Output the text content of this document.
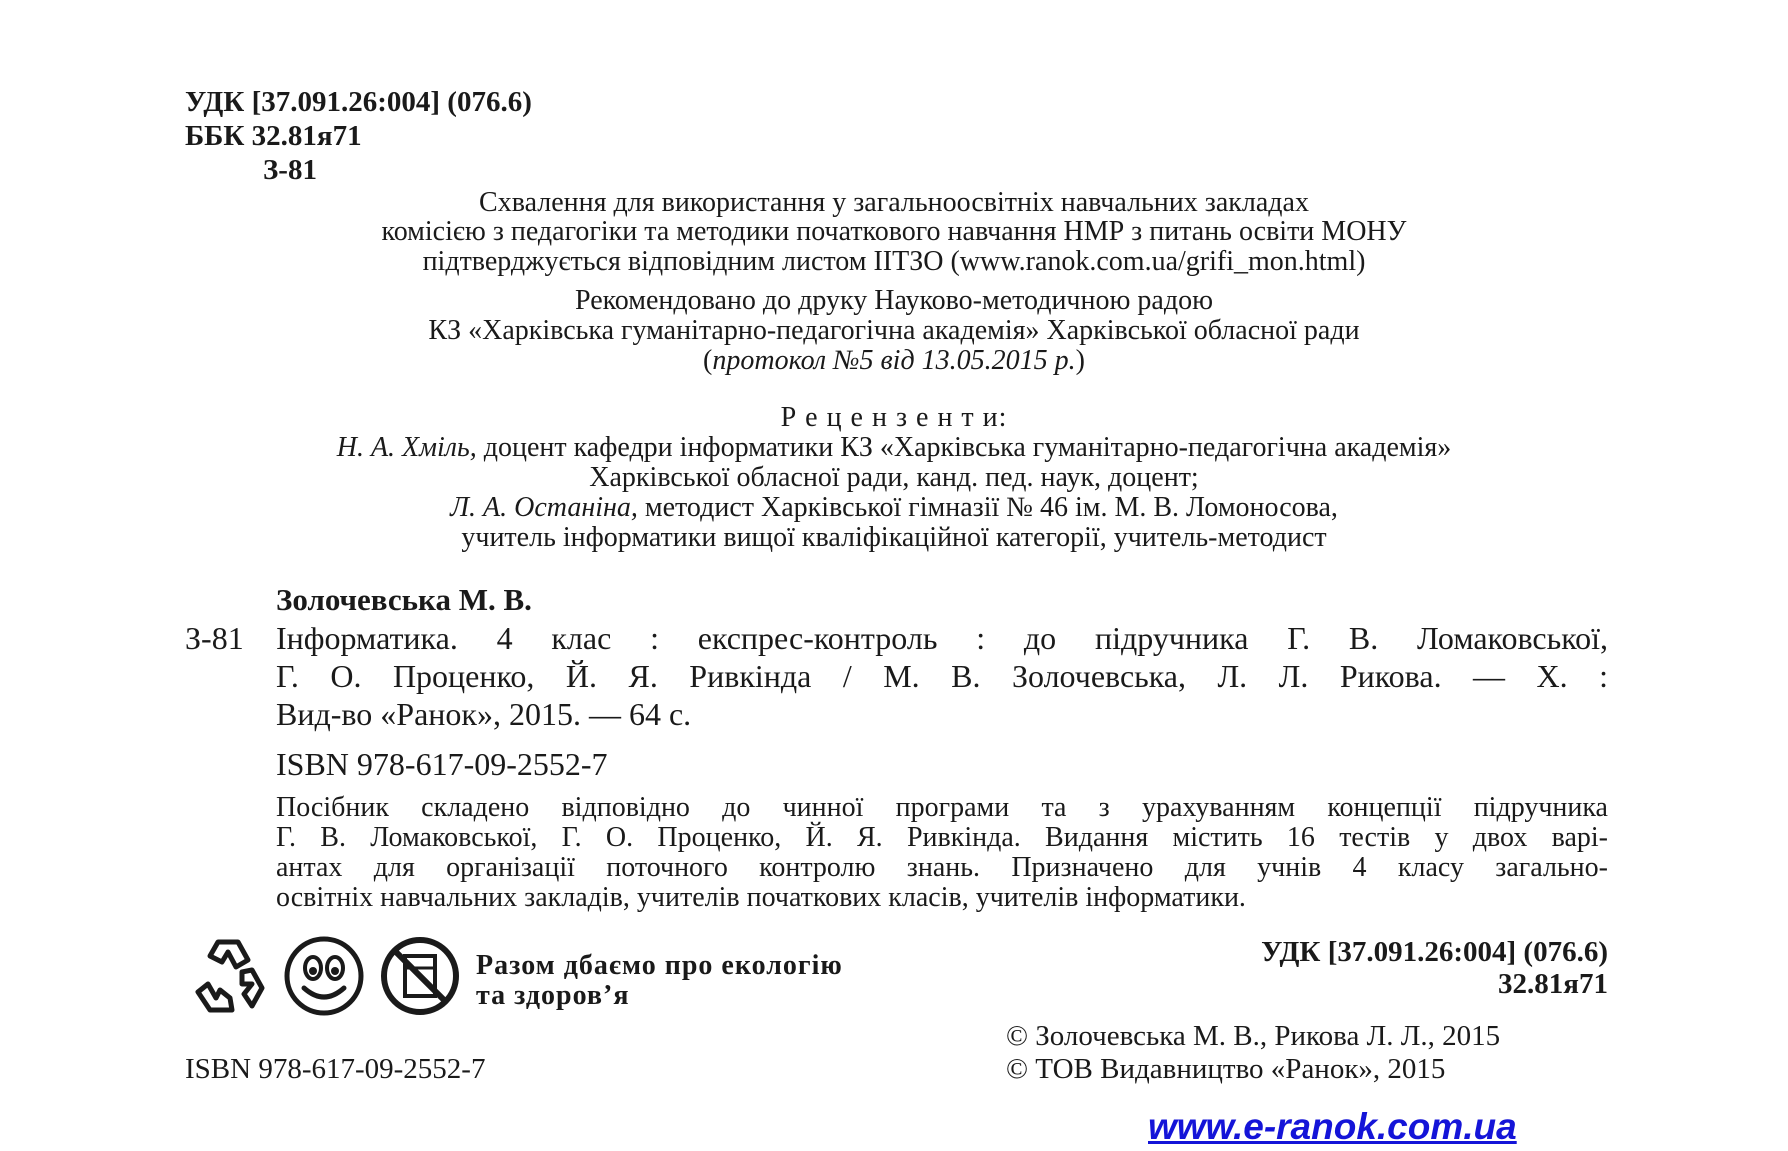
УДК [37.091.26:004] (076.6)
ББК 32.81я71
З-81
Схвалення для використання у загальноосвітніх навчальних закладах
комісією з педагогіки та методики початкового навчання НМР з питань освіти МОНУ
підтверджується відповідним листом ІІТЗО (www.ranok.com.ua/grifi_mon.html)
Рекомендовано до друку Науково-методичною радою
КЗ «Харківська гуманітарно-педагогічна академія» Харківської обласної ради
(протокол №5 від 13.05.2015 р.)
Р е ц е н з е н т и:
Н. А. Хміль, доцент кафедри інформатики КЗ «Харківська гуманітарно-педагогічна академія»
Харківської обласної ради, канд. пед. наук, доцент;
Л. А. Останіна, методист Харківської гімназії № 46 ім. М. В. Ломоносова,
учитель інформатики вищої кваліфікаційної категорії, учитель-методист
Золочевська М. В.
З-81 Інформатика. 4 клас : експрес-контроль : до підручника Г. В. Ломаковської,
Г. О. Проценко, Й. Я. Ривкінда / М. В. Золочевська, Л. Л. Рикова. — Х. :
Вид-во «Ранок», 2015. — 64 с.
ISBN 978-617-09-2552-7
Посібник складено відповідно до чинної програми та з урахуванням концепції підручника
Г. В. Ломаковської, Г. О. Проценко, Й. Я. Ривкінда. Видання містить 16 тестів у двох варі-
антах для організації поточного контролю знань. Призначено для учнів 4 класу загально-
освітніх навчальних закладів, учителів початкових класів, учителів інформатики.
Разом дбаємо про екологію
та здоров’я
УДК [37.091.26:004] (076.6)
32.81я71
© Золочевська М. В., Рикова Л. Л., 2015
© ТОВ Видавництво «Ранок», 2015
ISBN 978-617-09-2552-7
www.e-ranok.com.ua
